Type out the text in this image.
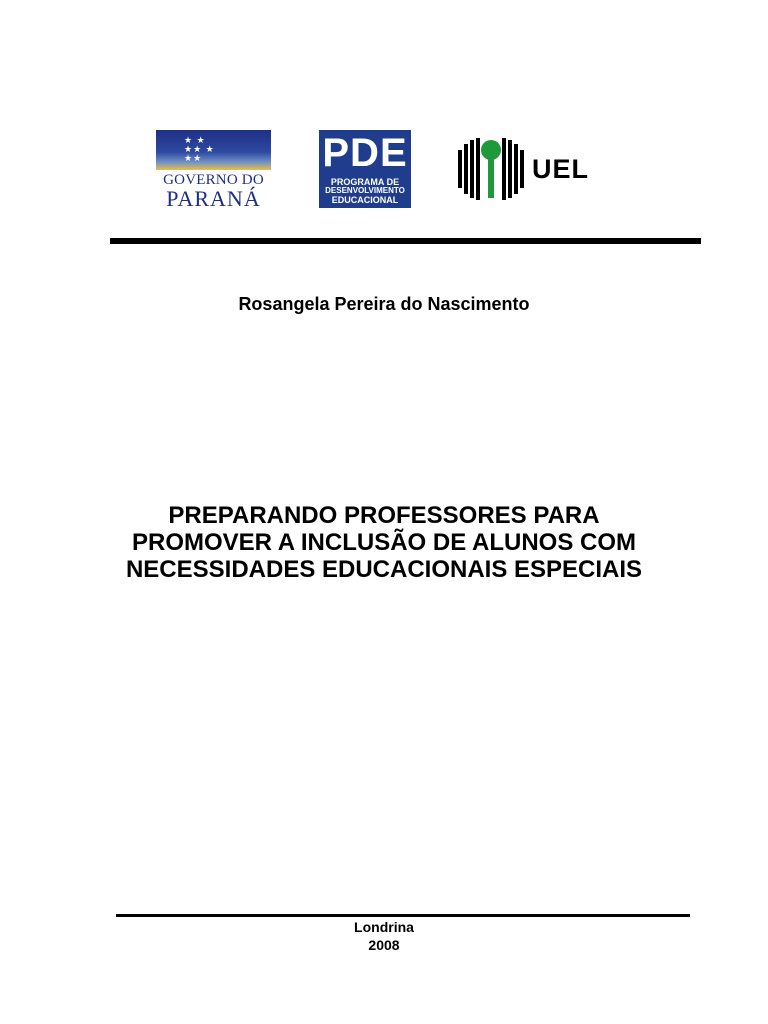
★ ★
★★ ★
★★
GOVERNO DO
PARANÁ
PDE
PROGRAMA DE
DESENVOLVIMENTO
EDUCACIONAL
UEL
Rosangela Pereira do Nascimento
PREPARANDO PROFESSORES PARA
PROMOVER A INCLUSÃO DE ALUNOS COM
NECESSIDADES EDUCACIONAIS ESPECIAIS
Londrina
2008
